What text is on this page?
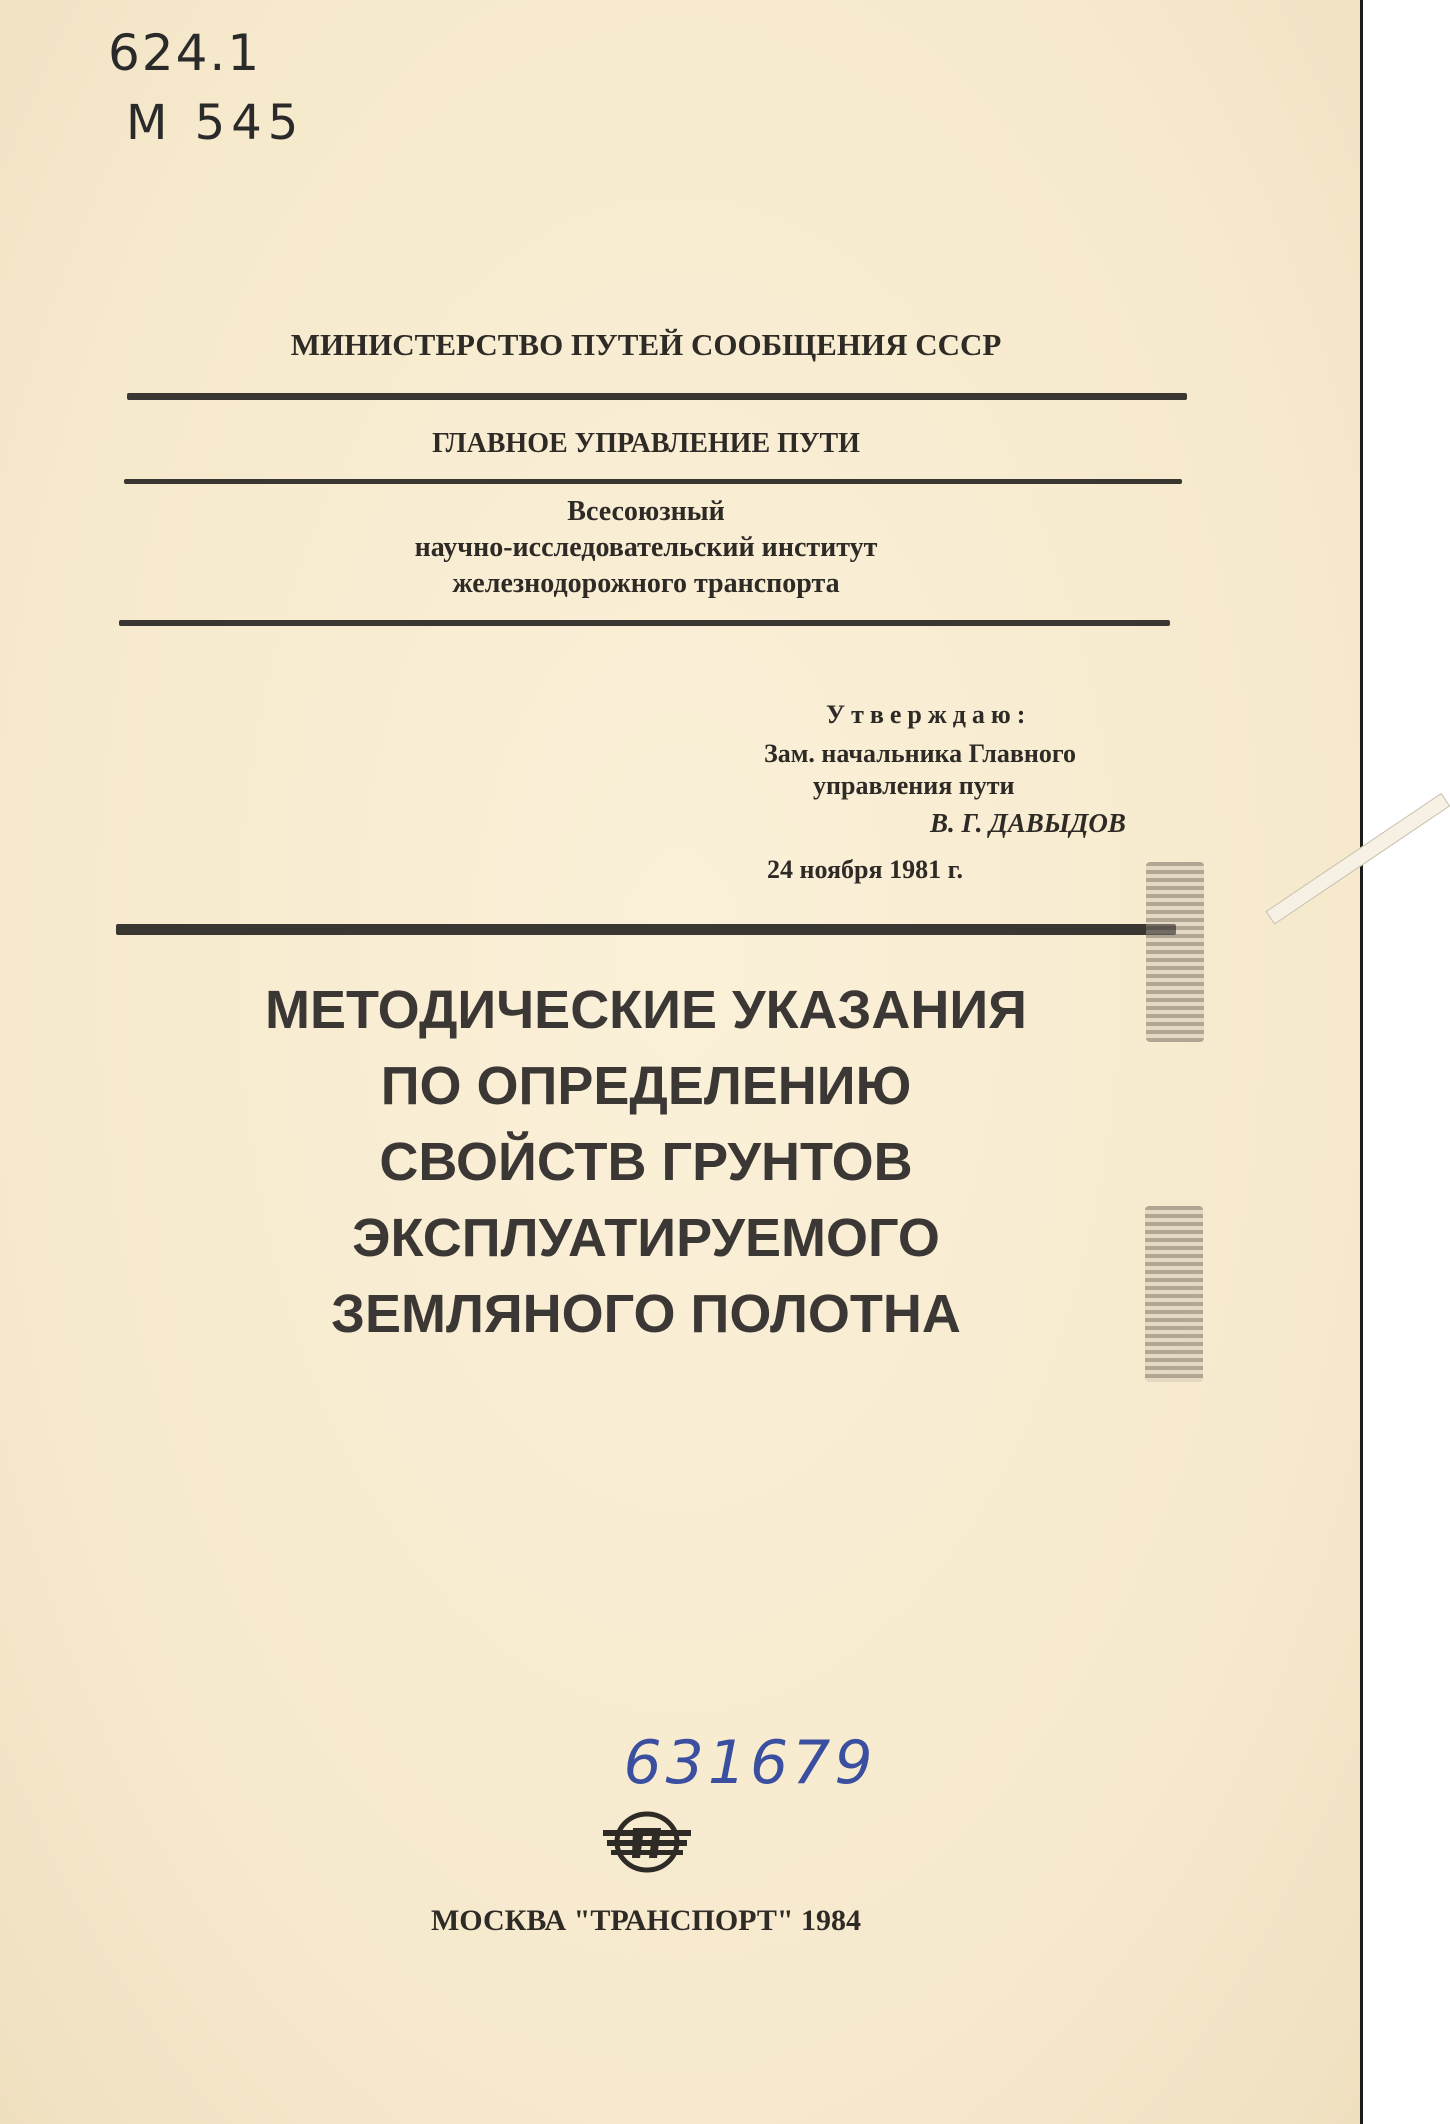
624.1
М 545
МИНИСТЕРСТВО ПУТЕЙ СООБЩЕНИЯ СССР
ГЛАВНОЕ УПРАВЛЕНИЕ ПУТИ
Всесоюзный
научно-исследовательский институт
железнодорожного транспорта
Утверждаю:
Зам. начальника Главного
управления пути
В. Г. ДАВЫДОВ
24 ноября 1981 г.
МЕТОДИЧЕСКИЕ УКАЗАНИЯ
ПО ОПРЕДЕЛЕНИЮ
СВОЙСТВ ГРУНТОВ
ЭКСПЛУАТИРУЕМОГО
ЗЕМЛЯНОГО ПОЛОТНА
631679
МОСКВА "ТРАНСПОРТ" 1984
